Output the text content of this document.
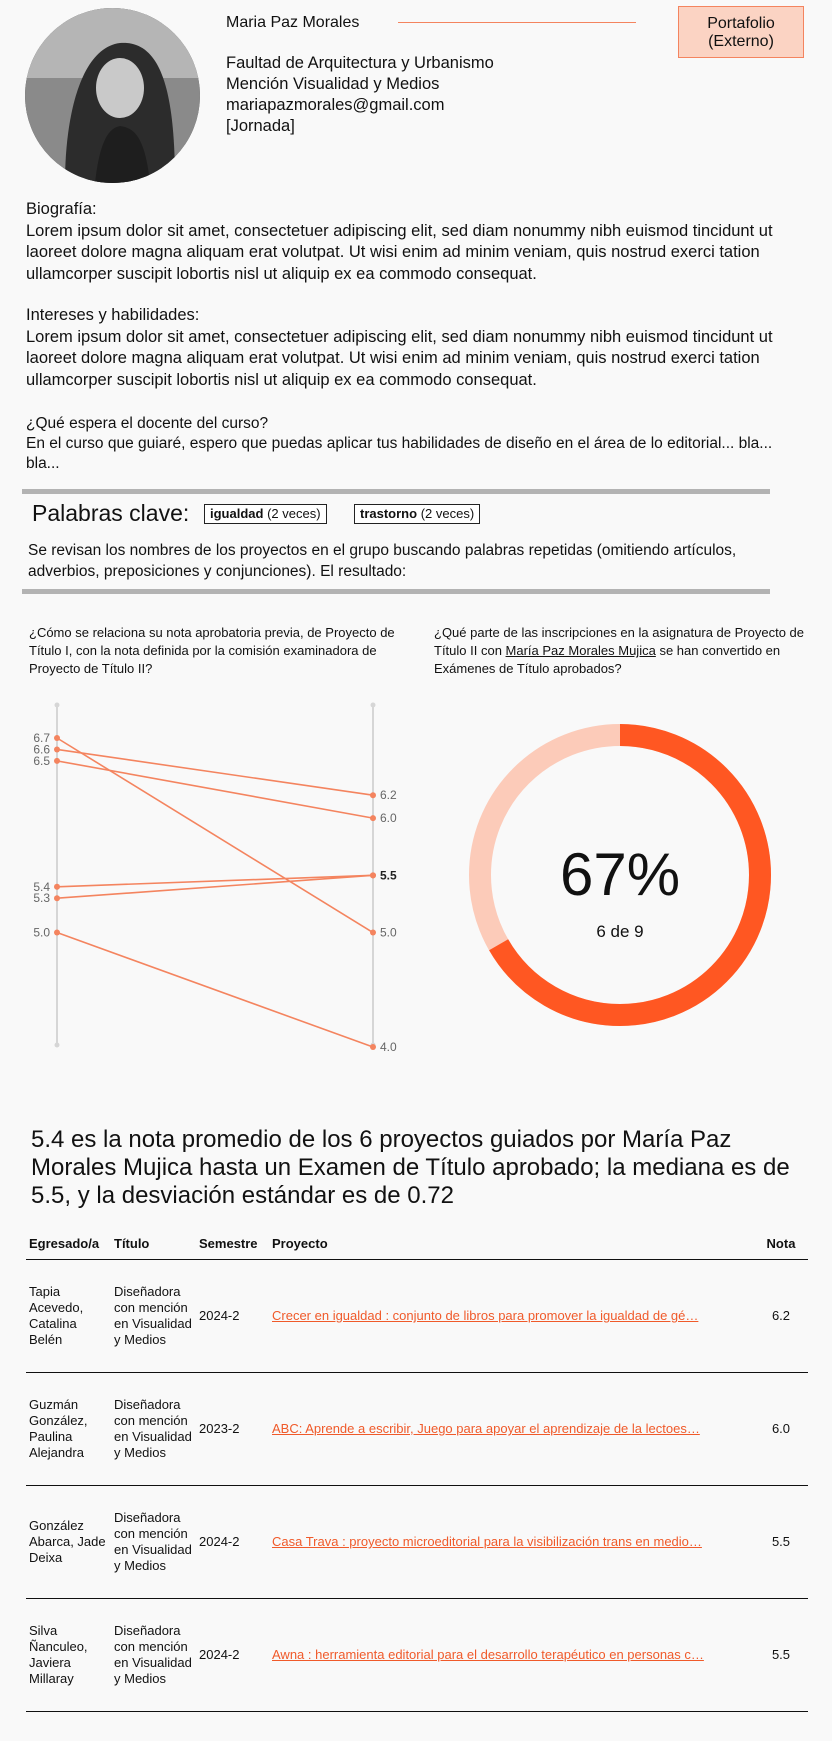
Maria Paz Morales	Portafolio
(Externo)
Faultad de Arquitectura y Urbanismo
Mención Visualidad y Medios
mariapazmorales@gmail.com
[Jornada]
Biografía:
Lorem ipsum dolor sit amet, consectetuer adipiscing elit, sed diam nonummy nibh euismod tincidunt ut laoreet dolore magna aliquam erat volutpat. Ut wisi enim ad minim veniam, quis nostrud exerci tation ullamcorper suscipit lobortis nisl ut aliquip ex ea commodo consequat.
Intereses y habilidades:
Lorem ipsum dolor sit amet, consectetuer adipiscing elit, sed diam nonummy nibh euismod tincidunt ut laoreet dolore magna aliquam erat volutpat. Ut wisi enim ad minim veniam, quis nostrud exerci tation ullamcorper suscipit lobortis nisl ut aliquip ex ea commodo consequat.
¿Qué espera el docente del curso?
En el curso que guiaré, espero que puedas aplicar tus habilidades de diseño en el área de lo editorial... bla... bla...
Palabras clave:	igualdad (2 veces)	trastorno (2 veces)
Se revisan los nombres de los proyectos en el grupo buscando palabras repetidas (omitiendo artículos, adverbios, preposiciones y conjunciones). El resultado:
¿Cómo se relaciona su nota aprobatoria previa, de Proyecto de Título I, con la nota definida por la comisión examinadora de Proyecto de Título II?
¿Qué parte de las inscripciones en la asignatura de Proyecto de Título II con María Paz Morales Mujica se han convertido en Exámenes de Título aprobados?
6.7
6.6
6.5
5.4
5.3
5.0
6.2
6.0
5.5
5.0
4.0
67%
6 de 9
5.4 es la nota promedio de los 6 proyectos guiados por María Paz Morales Mujica hasta un Examen de Título aprobado; la mediana es de 5.5, y la desviación estándar es de 0.72
Egresado/a	Título	Semestre	Proyecto	Nota
Tapia Acevedo, Catalina Belén	Diseñadora con mención en Visualidad y Medios	2024-2	Crecer en igualdad : conjunto de libros para promover la igualdad de gé…	6.2
Guzmán González, Paulina Alejandra	Diseñadora con mención en Visualidad y Medios	2023-2	ABC: Aprende a escribir, Juego para apoyar el aprendizaje de la lectoes…	6.0
González Abarca, Jade Deixa	Diseñadora con mención en Visualidad y Medios	2024-2	Casa Trava : proyecto microeditorial para la visibilización trans en medio…	5.5
Silva Ñanculeo, Javiera Millaray	Diseñadora con mención en Visualidad y Medios	2024-2	Awna : herramienta editorial para el desarrollo terapéutico en personas c…	5.5
